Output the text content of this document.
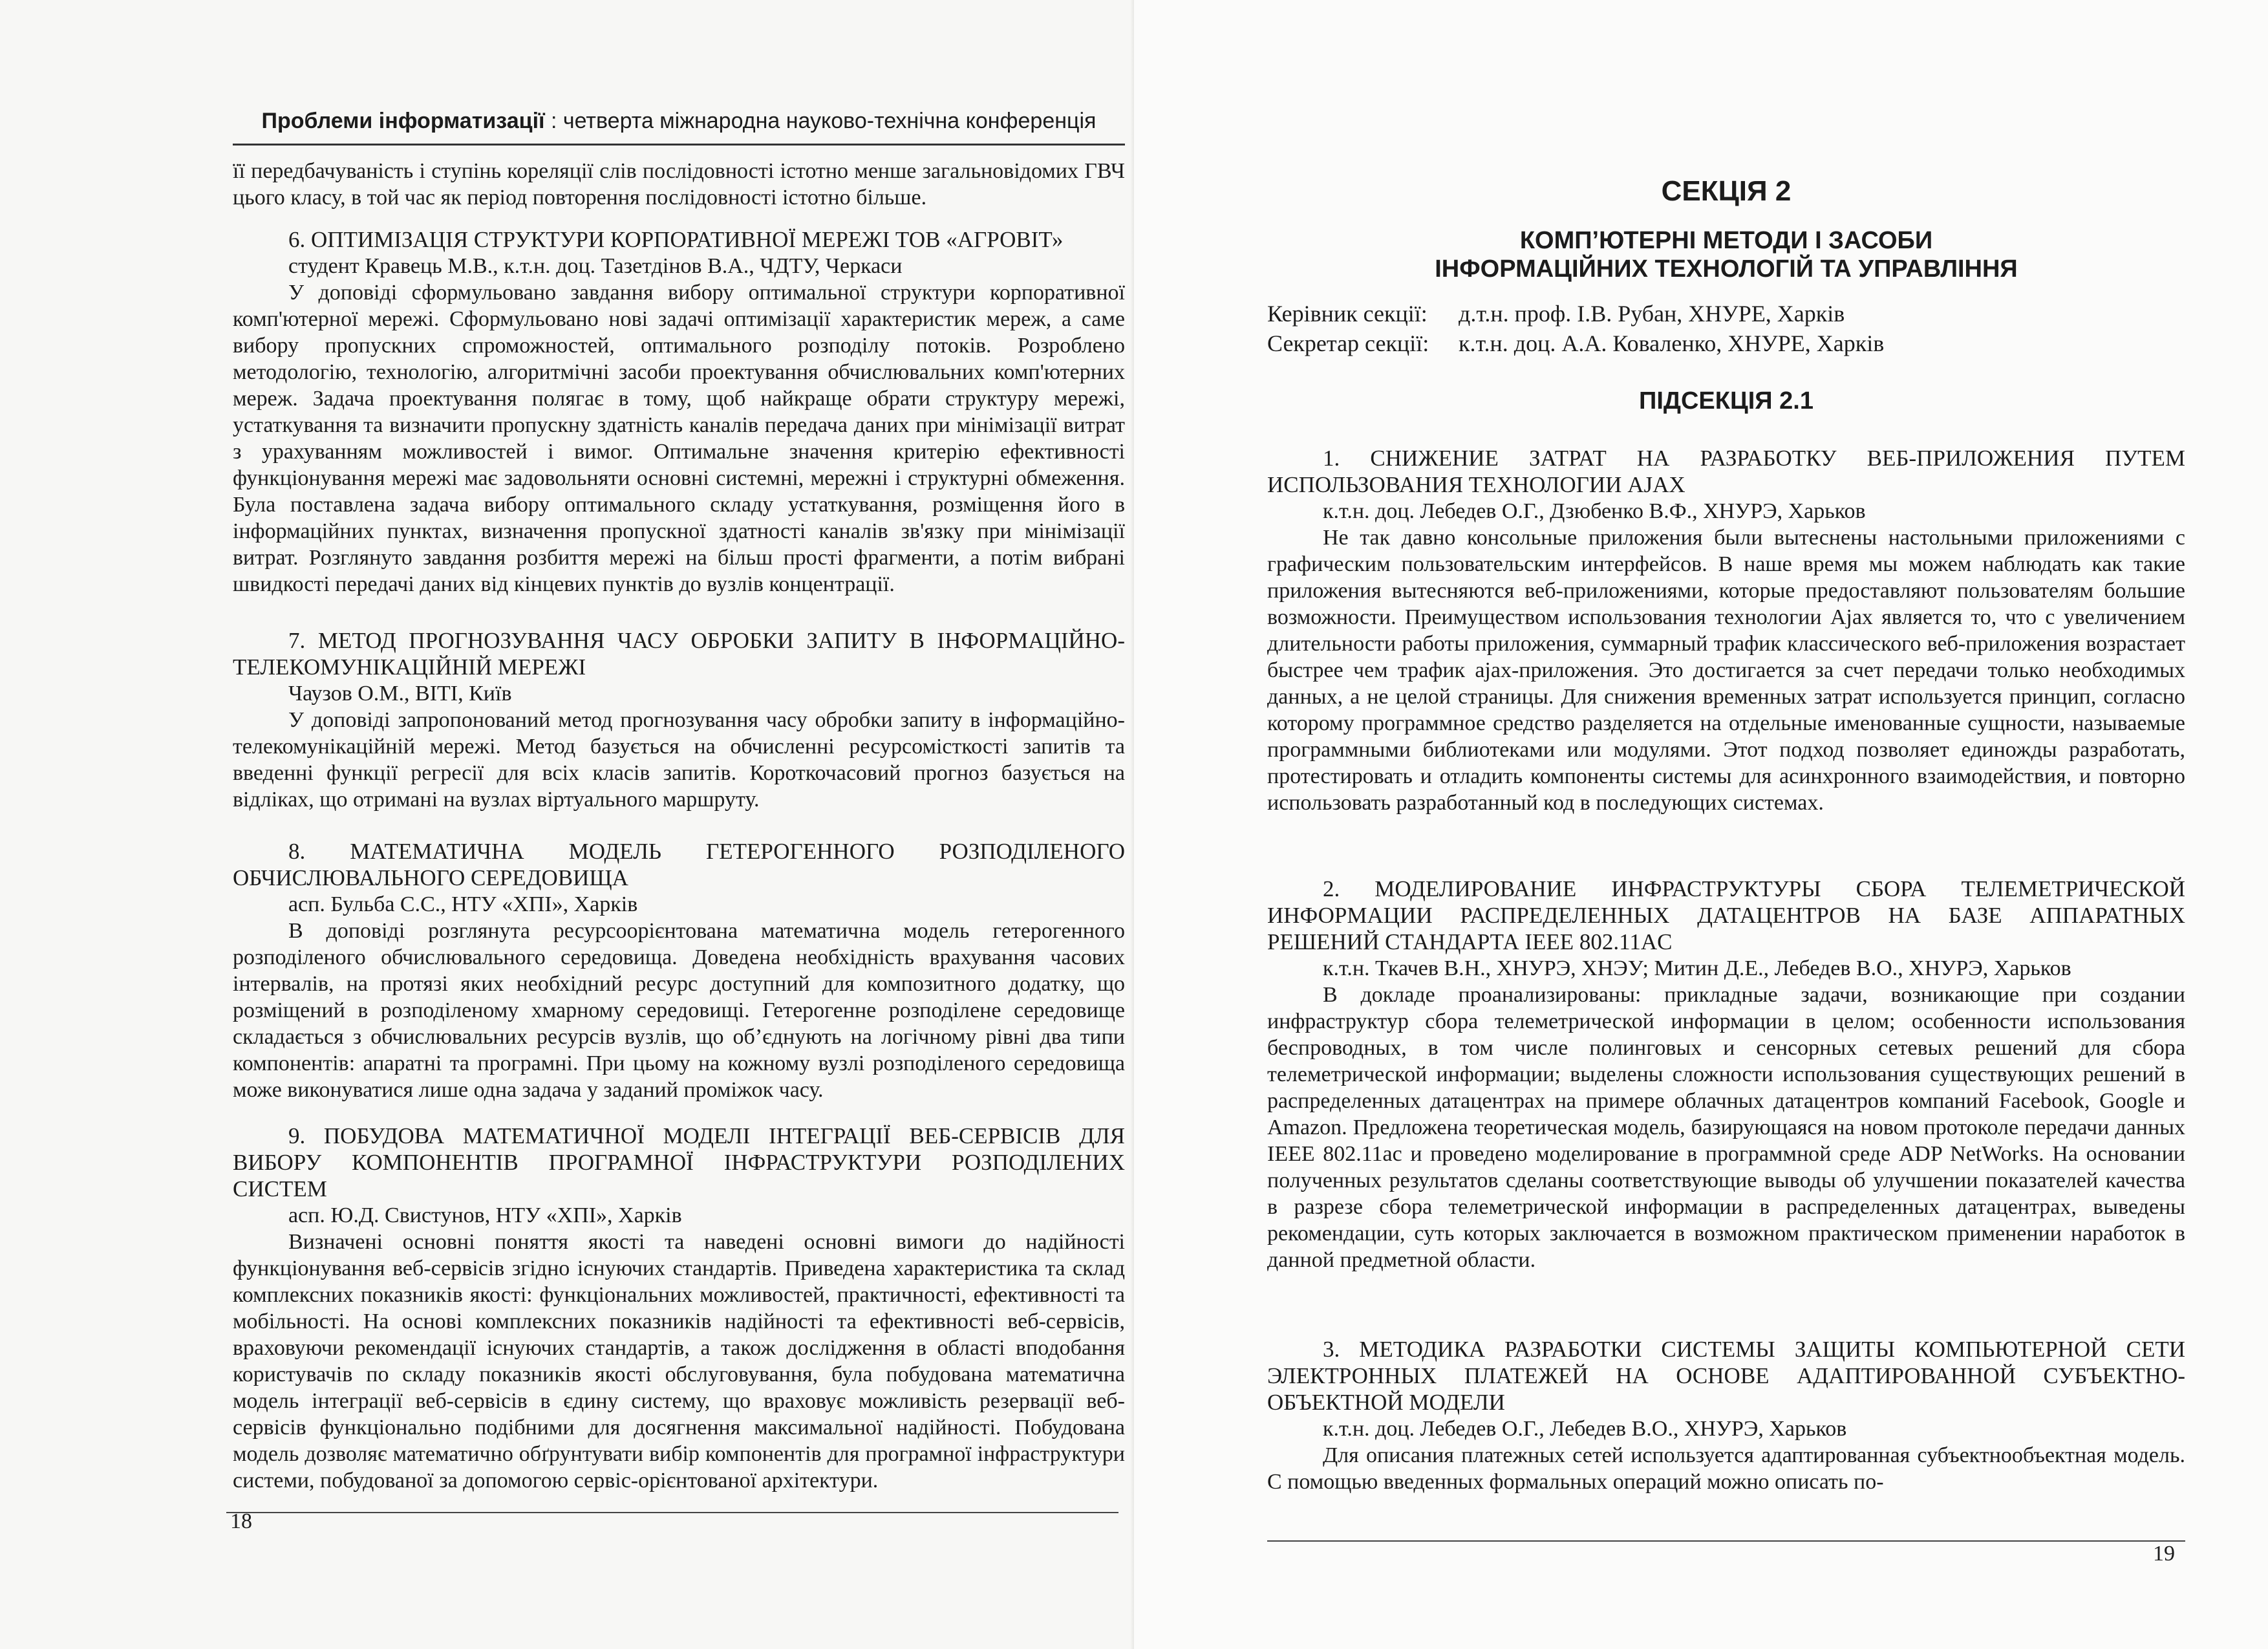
Проблеми інформатизації : четверта міжнародна науково-технічна конференція

її передбачуваність і ступінь кореляції слів послідовності істотно менше загальновідомих ГВЧ цього класу, в той час як період повторення послідовності істотно більше.

6. ОПТИМІЗАЦІЯ СТРУКТУРИ КОРПОРАТИВНОЇ МЕРЕЖІ ТОВ «АГРОВІТ»

студент Кравець М.В., к.т.н. доц. Тазетдінов В.А., ЧДТУ, Черкаси

У доповіді сформульовано завдання вибору оптимальної структури корпоративної комп'ютерної мережі. Сформульовано нові задачі оптимізації характеристик мереж, а саме вибору пропускних спроможностей, оптимального розподілу потоків. Розроблено методологію, технологію, алгоритмічні засоби проектування обчислювальних комп'ютерних мереж. Задача проектування полягає в тому, щоб найкраще обрати структуру мережі, устаткування та визначити пропускну здатність каналів передача даних при мінімізації витрат з урахуванням можливостей і вимог. Оптимальне значення критерію ефективності функціонування мережі має задовольняти основні системні, мережні і структурні обмеження. Була поставлена задача вибору оптимального складу устаткування, розміщення його в інформаційних пунктах, визначення пропускної здатності каналів зв'язку при мінімізації витрат. Розглянуто завдання розбиття мережі на більш прості фрагменти, а потім вибрані швидкості передачі даних від кінцевих пунктів до вузлів концентрації.

7. МЕТОД ПРОГНОЗУВАННЯ ЧАСУ ОБРОБКИ ЗАПИТУ В ІНФОРМАЦІЙНО-ТЕЛЕКОМУНІКАЦІЙНІЙ МЕРЕЖІ

Чаузов О.М., ВІТІ, Київ

У доповіді запропонований метод прогнозування часу обробки запиту в інформаційно-телекомунікаційній мережі. Метод базується на обчисленні ресурсомісткості запитів та введенні функції регресії для всіх класів запитів. Короткочасовий прогноз базується на відліках, що отримані на вузлах віртуального маршруту.

8. МАТЕМАТИЧНА МОДЕЛЬ ГЕТЕРОГЕННОГО РОЗПОДІЛЕНОГО ОБЧИСЛЮВАЛЬНОГО СЕРЕДОВИЩА

асп. Бульба С.С., НТУ «ХПІ», Харків

В доповіді розглянута ресурсоорієнтована математична модель гетерогенного розподіленого обчислювального середовища. Доведена необхідність врахування часових інтервалів, на протязі яких необхідний ресурс доступний для композитного додатку, що розміщений в розподіленому хмарному середовищі. Гетерогенне розподілене середовище складається з обчислювальних ресурсів вузлів, що об’єднують на логічному рівні два типи компонентів: апаратні та програмні. При цьому на кожному вузлі розподіленого середовища може виконуватися лише одна задача у заданий проміжок часу.

9. ПОБУДОВА МАТЕМАТИЧНОЇ МОДЕЛІ ІНТЕГРАЦІЇ ВЕБ-СЕРВІСІВ ДЛЯ ВИБОРУ КОМПОНЕНТІВ ПРОГРАМНОЇ ІНФРАСТРУКТУРИ РОЗПОДІЛЕНИХ СИСТЕМ

асп. Ю.Д. Свистунов, НТУ «ХПІ», Харків

Визначені основні поняття якості та наведені основні вимоги до надійності функціонування веб-сервісів згідно існуючих стандартів. Приведена характеристика та склад комплексних показників якості: функціональних можливостей, практичності, ефективності та мобільності. На основі комплексних показників надійності та ефективності веб-сервісів, враховуючи рекомендації існуючих стандартів, а також дослідження в області вподобання користувачів по складу показників якості обслуговування, була побудована математична модель інтеграції веб-сервісів в єдину систему, що враховує можливість резервації веб-сервісів функціонально подібними для досягнення максимальної надійності. Побудована модель дозволяє математично обґрунтувати вибір компонентів для програмної інфраструктури системи, побудованої за допомогою сервіс-орієнтованої архітектури.

18

СЕКЦІЯ 2

КОМП’ЮТЕРНІ МЕТОДИ І ЗАСОБИ

ІНФОРМАЦІЙНИХ ТЕХНОЛОГІЙ ТА УПРАВЛІННЯ

Керівник секції:	д.т.н. проф. І.В. Рубан, ХНУРЕ, Харків
Секретар секції:	к.т.н. доц. А.А. Коваленко, ХНУРЕ, Харків

ПІДСЕКЦІЯ 2.1

1. СНИЖЕНИЕ ЗАТРАТ НА РАЗРАБОТКУ ВЕБ-ПРИЛОЖЕНИЯ ПУТЕМ ИСПОЛЬЗОВАНИЯ ТЕХНОЛОГИИ AJAX

к.т.н. доц. Лебедев О.Г., Дзюбенко В.Ф., ХНУРЭ, Харьков

Не так давно консольные приложения были вытеснены настольными приложениями с графическим пользовательским интерфейсов. В наше время мы можем наблюдать как такие приложения вытесняются веб-приложениями, которые предоставляют пользователям большие возможности. Преимуществом использования технологии Ajax является то, что с увеличением длительности работы приложения, суммарный трафик классического веб-приложения возрастает быстрее чем трафик ajax-приложения. Это достигается за счет передачи только необходимых данных, а не целой страницы. Для снижения временных затрат используется принцип, согласно которому программное средство разделяется на отдельные именованные сущности, называемые программными библиотеками или модулями. Этот подход позволяет единожды разработать, протестировать и отладить компоненты системы для асинхронного взаимодействия, и повторно использовать разработанный код в последующих системах.

2. МОДЕЛИРОВАНИЕ ИНФРАСТРУКТУРЫ СБОРА ТЕЛЕМЕТРИЧЕСКОЙ ИНФОРМАЦИИ РАСПРЕДЕЛЕННЫХ ДАТАЦЕНТРОВ НА БАЗЕ АППАРАТНЫХ РЕШЕНИЙ СТАНДАРТА IEEE 802.11AC

к.т.н. Ткачев В.Н., ХНУРЭ, ХНЭУ; Митин Д.Е., Лебедев В.О., ХНУРЭ, Харьков

В докладе проанализированы: прикладные задачи, возникающие при создании инфраструктур сбора телеметрической информации в целом; особенности использования беспроводных, в том числе полинговых и сенсорных сетевых решений для сбора телеметрической информации; выделены сложности использования существующих решений в распределенных датацентрах на примере облачных датацентров компаний Facebook, Google и Amazon. Предложена теоретическая модель, базирующаяся на новом протоколе передачи данных IEEE 802.11ac и проведено моделирование в программной среде ADP NetWorks. На основании полученных результатов сделаны соответствующие выводы об улучшении показателей качества в разрезе сбора телеметрической информации в распределенных датацентрах, выведены рекомендации, суть которых заключается в возможном практическом применении наработок в данной предметной области.

3. МЕТОДИКА РАЗРАБОТКИ СИСТЕМЫ ЗАЩИТЫ КОМПЬЮТЕРНОЙ СЕТИ ЭЛЕКТРОННЫХ ПЛАТЕЖЕЙ НА ОСНОВЕ АДАПТИРОВАННОЙ СУБЪЕКТНО-ОБЪЕКТНОЙ МОДЕЛИ

к.т.н. доц. Лебедев О.Г., Лебедев В.О., ХНУРЭ, Харьков

Для описания платежных сетей используется адаптированная субъектнообъектная модель. С помощью введенных формальных операций можно описать по-

19
